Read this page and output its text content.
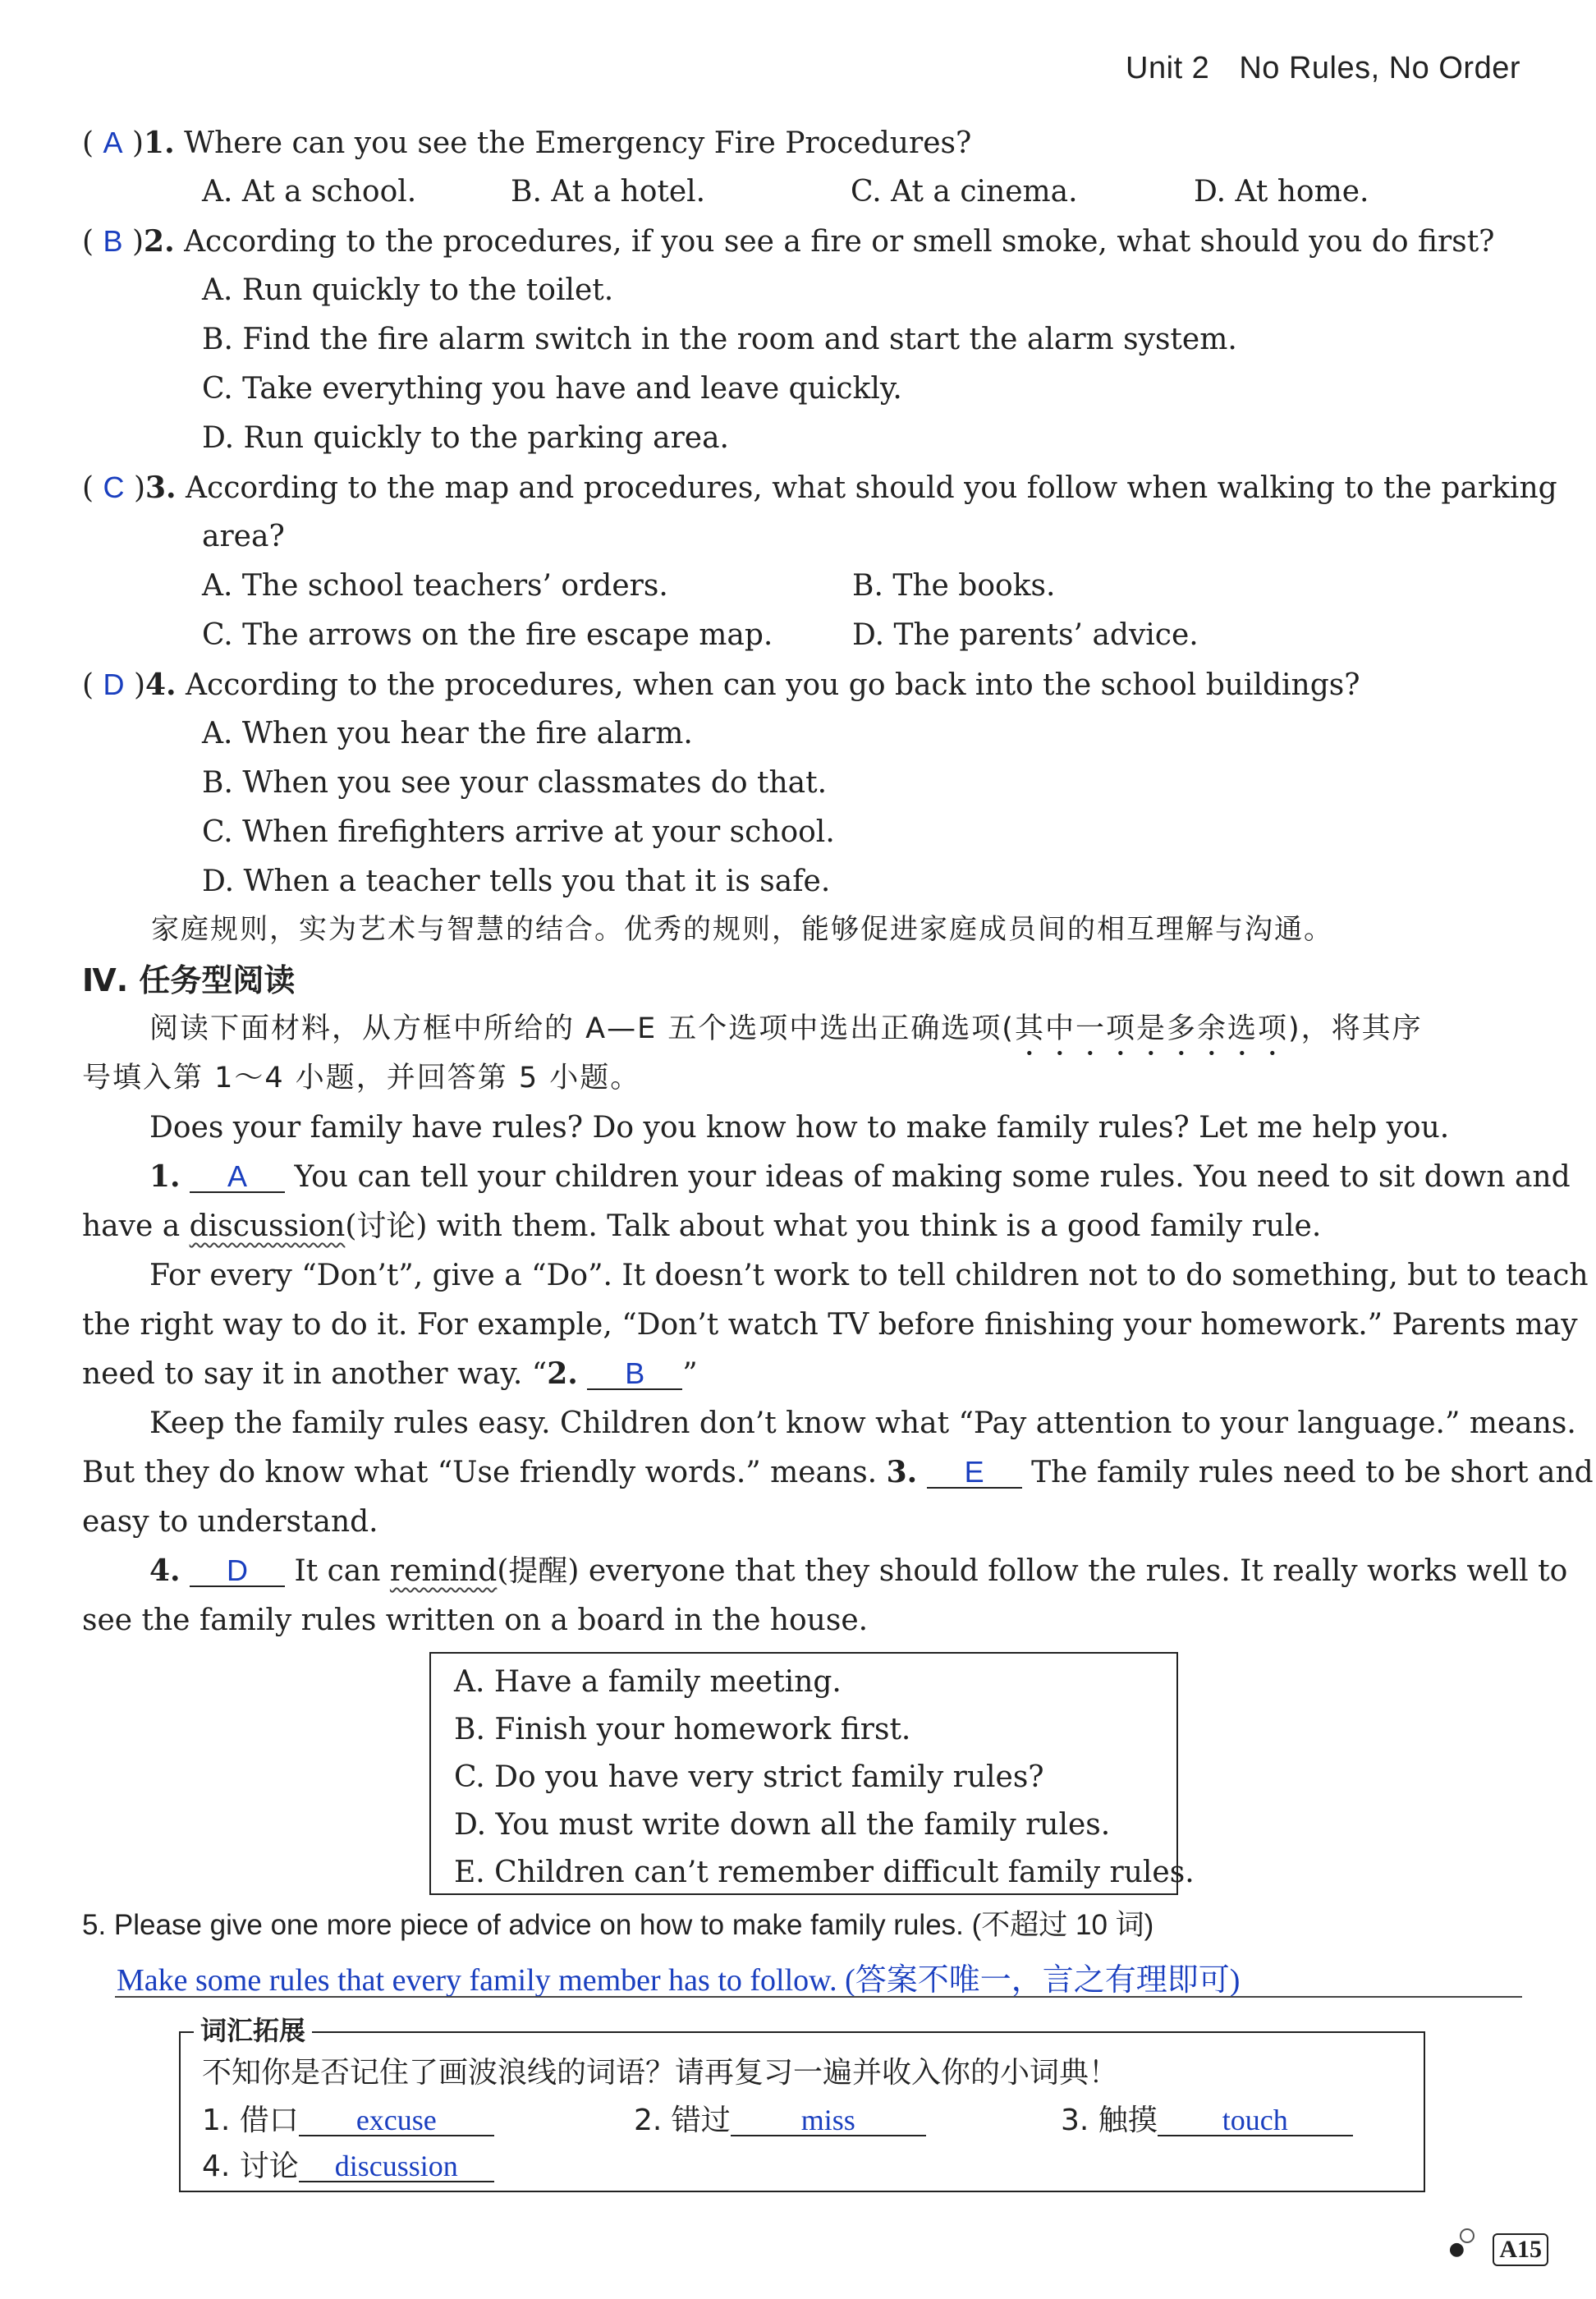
Unit 2 No Rules, No Order
( A )1. Where can you see the Emergency Fire Procedures?
A. At a school.	B. At a hotel.	C. At a cinema.	D. At home.
( B )2. According to the procedures, if you see a fire or smell smoke, what should you do first?
A. Run quickly to the toilet.
B. Find the fire alarm switch in the room and start the alarm system.
C. Take everything you have and leave quickly.
D. Run quickly to the parking area.
( C )3. According to the map and procedures, what should you follow when walking to the parking
area?
A. The school teachers’ orders.	B. The books.
C. The arrows on the fire escape map.	D. The parents’ advice.
( D )4. According to the procedures, when can you go back into the school buildings?
A. When you hear the fire alarm.
B. When you see your classmates do that.
C. When firefighters arrive at your school.
D. When a teacher tells you that it is safe.
家庭规则，实为艺术与智慧的结合。优秀的规则，能够促进家庭成员间的相互理解与沟通。
Ⅳ. 任务型阅读
阅读下面材料，从方框中所给的 A—E 五个选项中选出正确选项(其中一项是多余选项)，将其序
号填入第 1～4 小题，并回答第 5 小题。
Does your family have rules? Do you know how to make family rules? Let me help you.
1. A You can tell your children your ideas of making some rules. You need to sit down and
have a discussion(讨论) with them. Talk about what you think is a good family rule.
For every “Don’t”, give a “Do”. It doesn’t work to tell children not to do something, but to teach
the right way to do it. For example, “Don’t watch TV before finishing your homework.” Parents may
need to say it in another way. “2. B ”
Keep the family rules easy. Children don’t know what “Pay attention to your language.” means.
But they do know what “Use friendly words.” means. 3. E The family rules need to be short and
easy to understand.
4. D It can remind(提醒) everyone that they should follow the rules. It really works well to
see the family rules written on a board in the house.
A. Have a family meeting.
B. Finish your homework first.
C. Do you have very strict family rules?
D. You must write down all the family rules.
E. Children can’t remember difficult family rules.
5. Please give one more piece of advice on how to make family rules. (不超过 10 词)
Make some rules that every family member has to follow. (答案不唯一，言之有理即可)
词汇拓展
不知你是否记住了画波浪线的词语？请再复习一遍并收入你的小词典！
1. 借口 excuse	2. 错过 miss	3. 触摸 touch
4. 讨论 discussion
● A15
